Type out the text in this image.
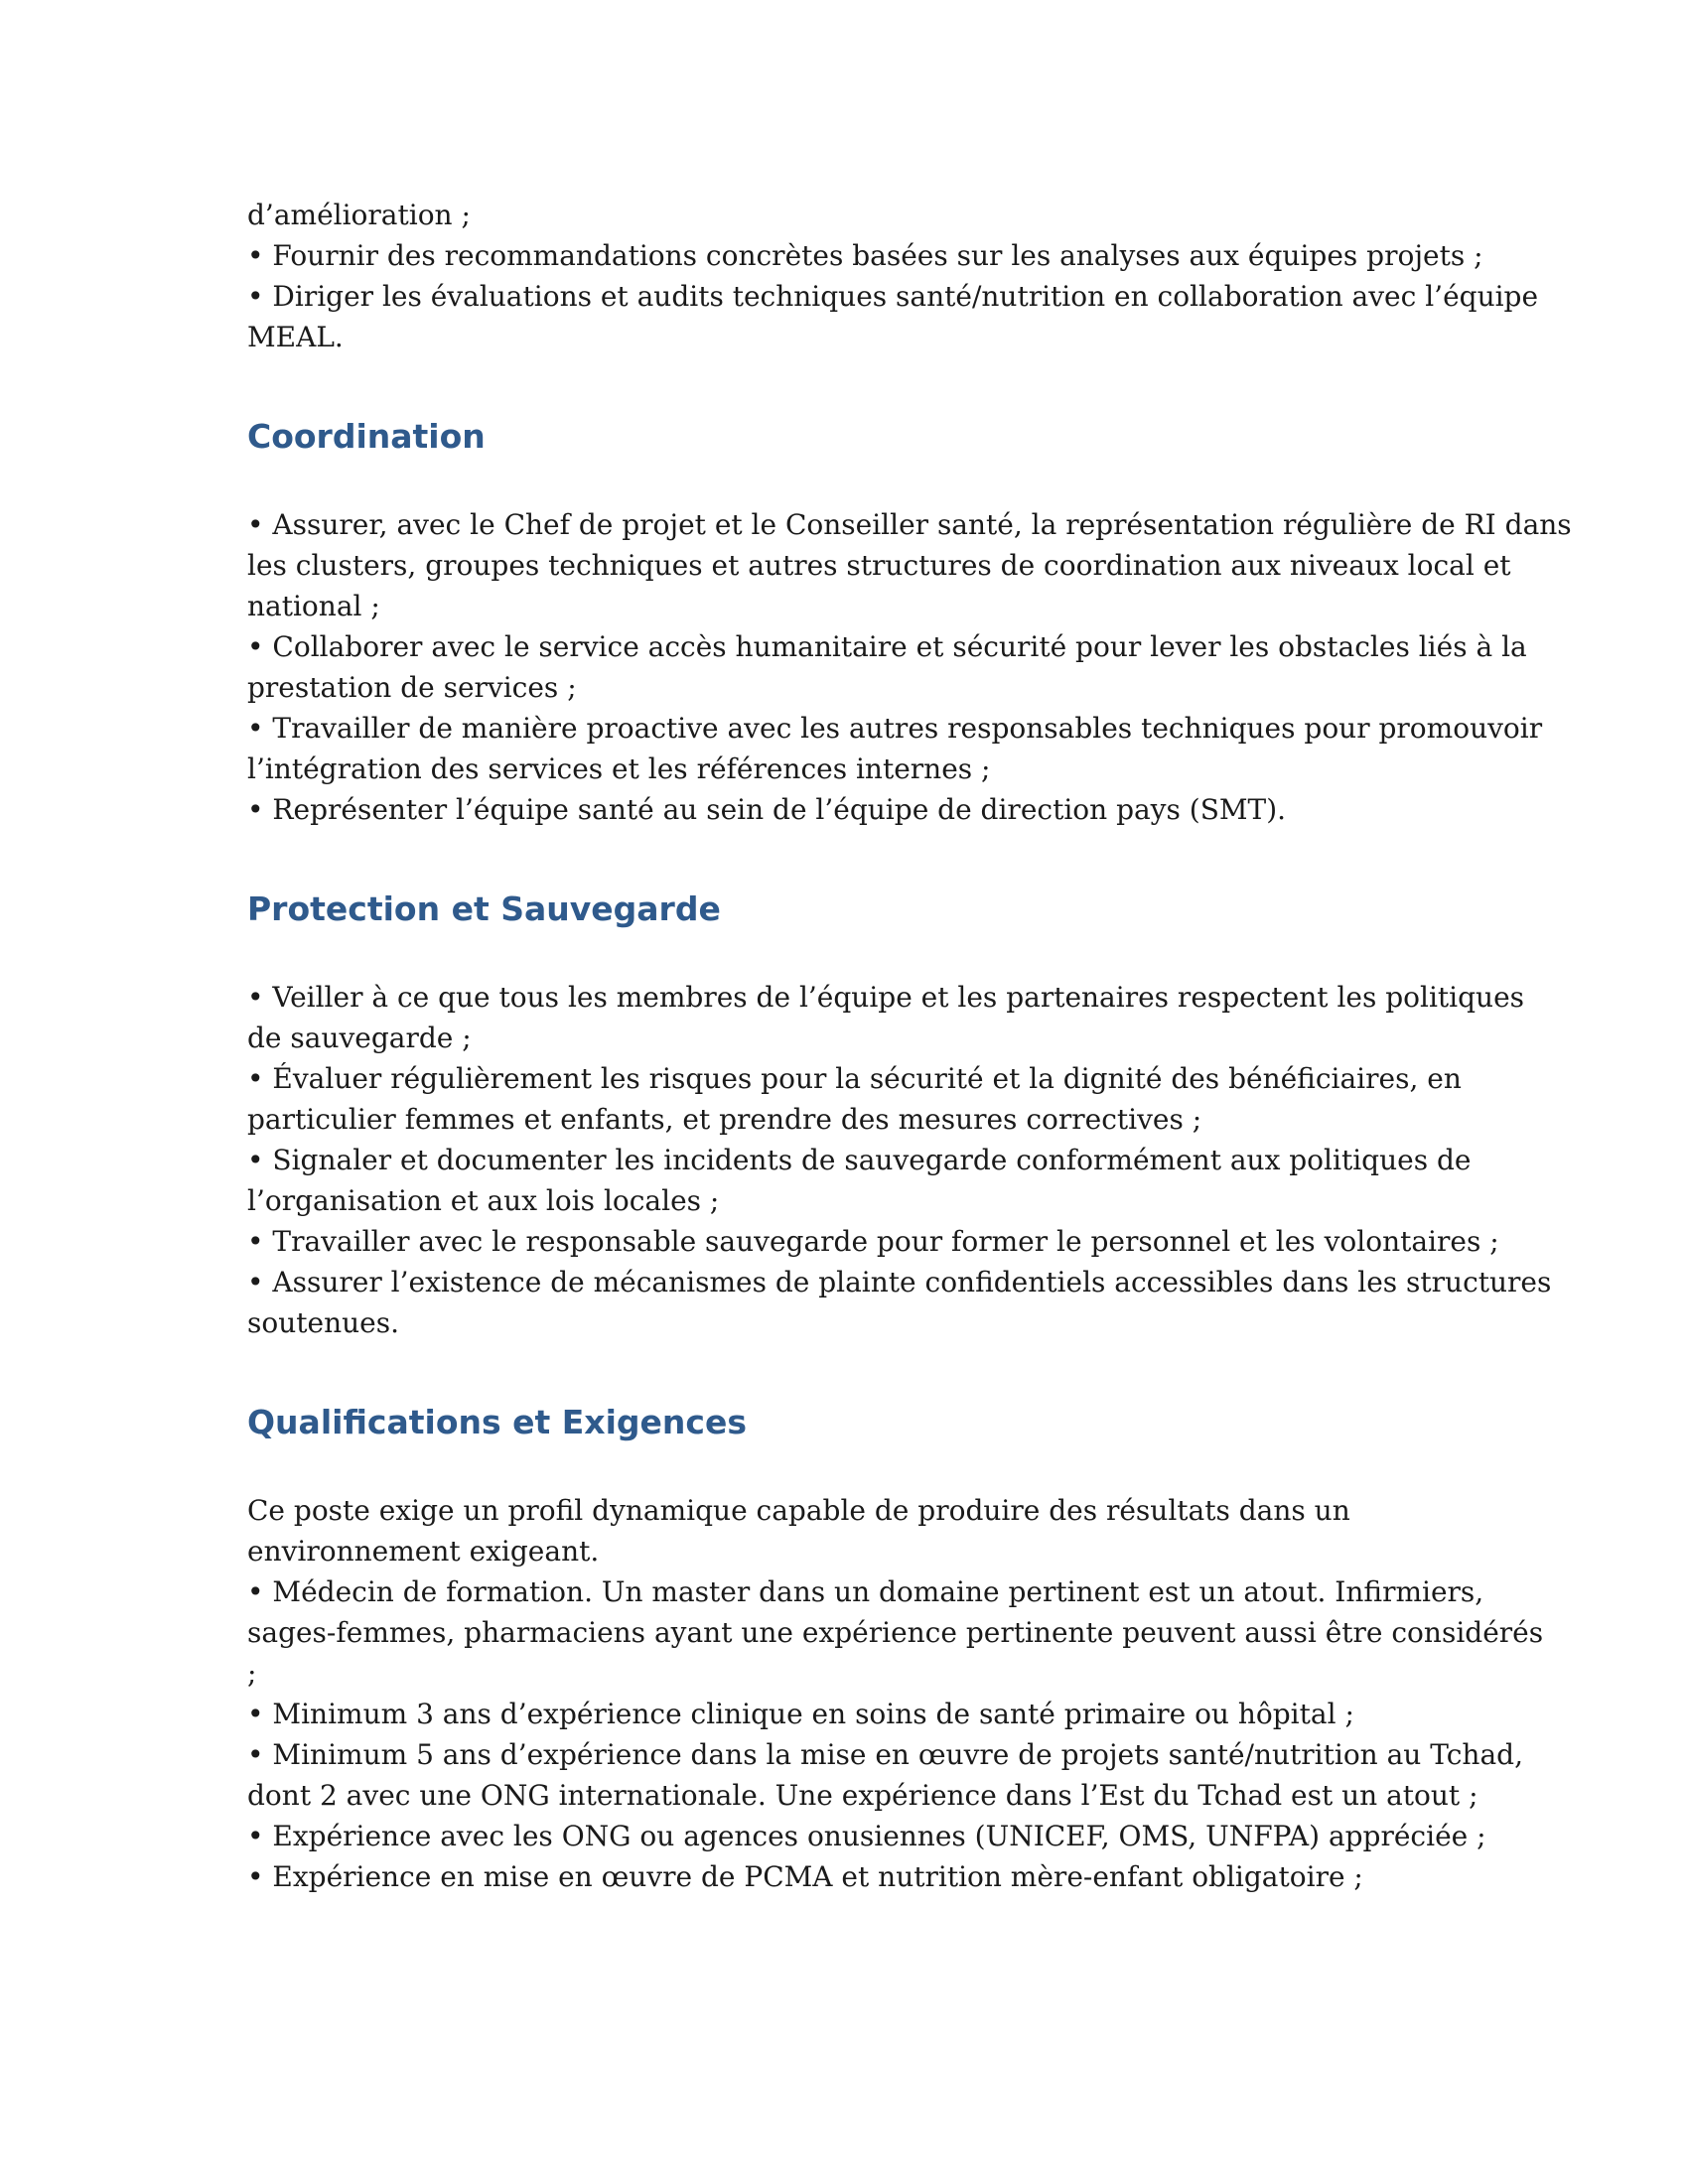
d’amélioration ;
• Fournir des recommandations concrètes basées sur les analyses aux équipes projets ;
• Diriger les évaluations et audits techniques santé/nutrition en collaboration avec l’équipe
MEAL.
Coordination
• Assurer, avec le Chef de projet et le Conseiller santé, la représentation régulière de RI dans
les clusters, groupes techniques et autres structures de coordination aux niveaux local et
national ;
• Collaborer avec le service accès humanitaire et sécurité pour lever les obstacles liés à la
prestation de services ;
• Travailler de manière proactive avec les autres responsables techniques pour promouvoir
l’intégration des services et les références internes ;
• Représenter l’équipe santé au sein de l’équipe de direction pays (SMT).
Protection et Sauvegarde
• Veiller à ce que tous les membres de l’équipe et les partenaires respectent les politiques
de sauvegarde ;
• Évaluer régulièrement les risques pour la sécurité et la dignité des bénéficiaires, en
particulier femmes et enfants, et prendre des mesures correctives ;
• Signaler et documenter les incidents de sauvegarde conformément aux politiques de
l’organisation et aux lois locales ;
• Travailler avec le responsable sauvegarde pour former le personnel et les volontaires ;
• Assurer l’existence de mécanismes de plainte confidentiels accessibles dans les structures
soutenues.
Qualifications et Exigences
Ce poste exige un profil dynamique capable de produire des résultats dans un
environnement exigeant.
• Médecin de formation. Un master dans un domaine pertinent est un atout. Infirmiers,
sages-femmes, pharmaciens ayant une expérience pertinente peuvent aussi être considérés
;
• Minimum 3 ans d’expérience clinique en soins de santé primaire ou hôpital ;
• Minimum 5 ans d’expérience dans la mise en œuvre de projets santé/nutrition au Tchad,
dont 2 avec une ONG internationale. Une expérience dans l’Est du Tchad est un atout ;
• Expérience avec les ONG ou agences onusiennes (UNICEF, OMS, UNFPA) appréciée ;
• Expérience en mise en œuvre de PCMA et nutrition mère-enfant obligatoire ;
